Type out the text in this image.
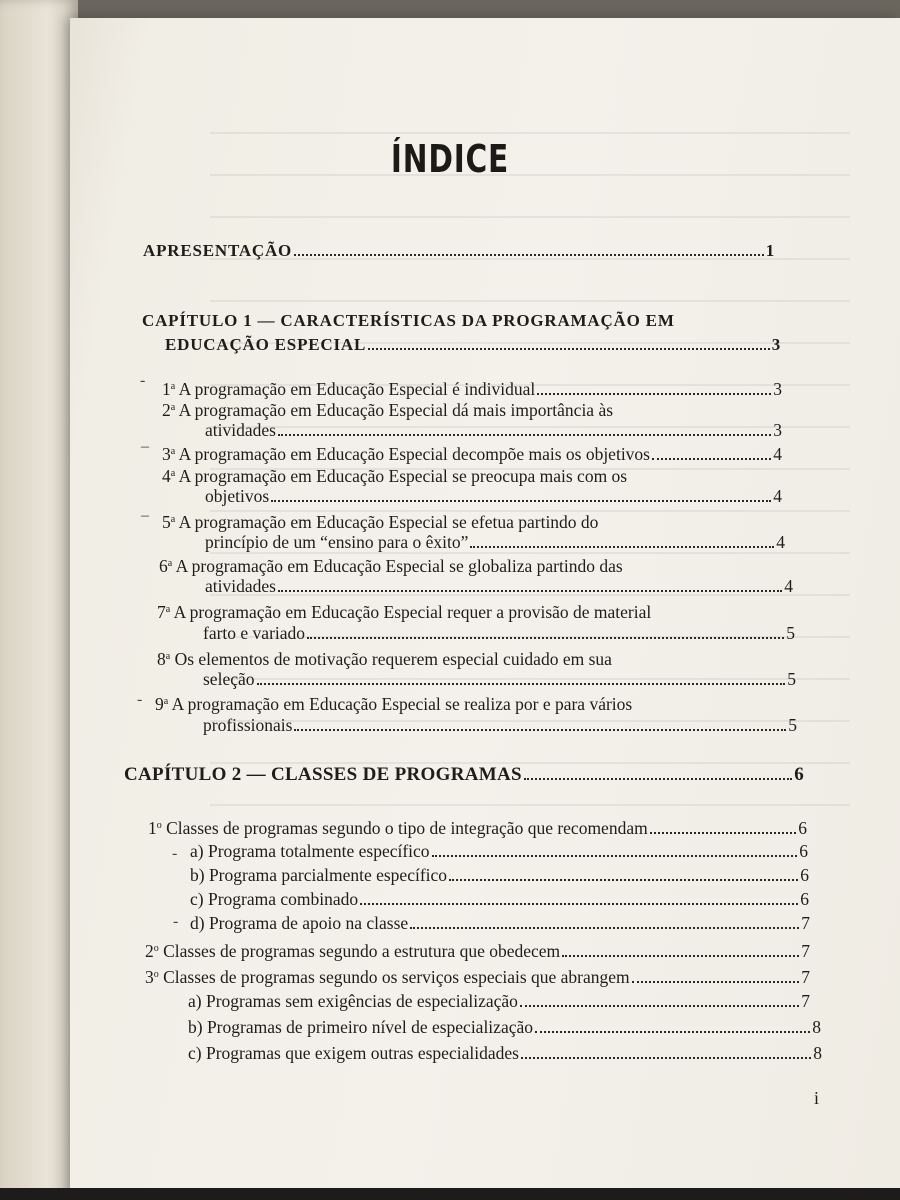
-
–
–
-
-
-
ÍNDICE
APRESENTAÇÃO	1
CAPÍTULO 1 — CARACTERÍSTICAS DA PROGRAMAÇÃO EM
EDUCAÇÃO ESPECIAL	3
1$^a$ A programação em Educação Especial é individual	3
2$^a$ A programação em Educação Especial dá mais importância às
atividades	3
3$^a$ A programação em Educação Especial decompõe mais os objetivos	4
4$^a$ A programação em Educação Especial se preocupa mais com os
objetivos	4
5$^a$ A programação em Educação Especial se efetua partindo do
princípio de um “ensino para o êxito”	4
6$^a$ A programação em Educação Especial se globaliza partindo das
atividades	4
7$^a$ A programação em Educação Especial requer a provisão de material
farto e variado	5
8$^a$ Os elementos de motivação requerem especial cuidado em sua
seleção	5
9$^a$ A programação em Educação Especial se realiza por e para vários
profissionais	5
CAPÍTULO 2 — CLASSES DE PROGRAMAS	6
1$^o$ Classes de programas segundo o tipo de integração que recomendam	6
a) Programa totalmente específico	6
b) Programa parcialmente específico	6
c) Programa combinado	6
d) Programa de apoio na classe	7
2$^o$ Classes de programas segundo a estrutura que obedecem	7
3$^o$ Classes de programas segundo os serviços especiais que abrangem	7
a) Programas sem exigências de especialização	7
b) Programas de primeiro nível de especialização	8
c) Programas que exigem outras especialidades	8
i
